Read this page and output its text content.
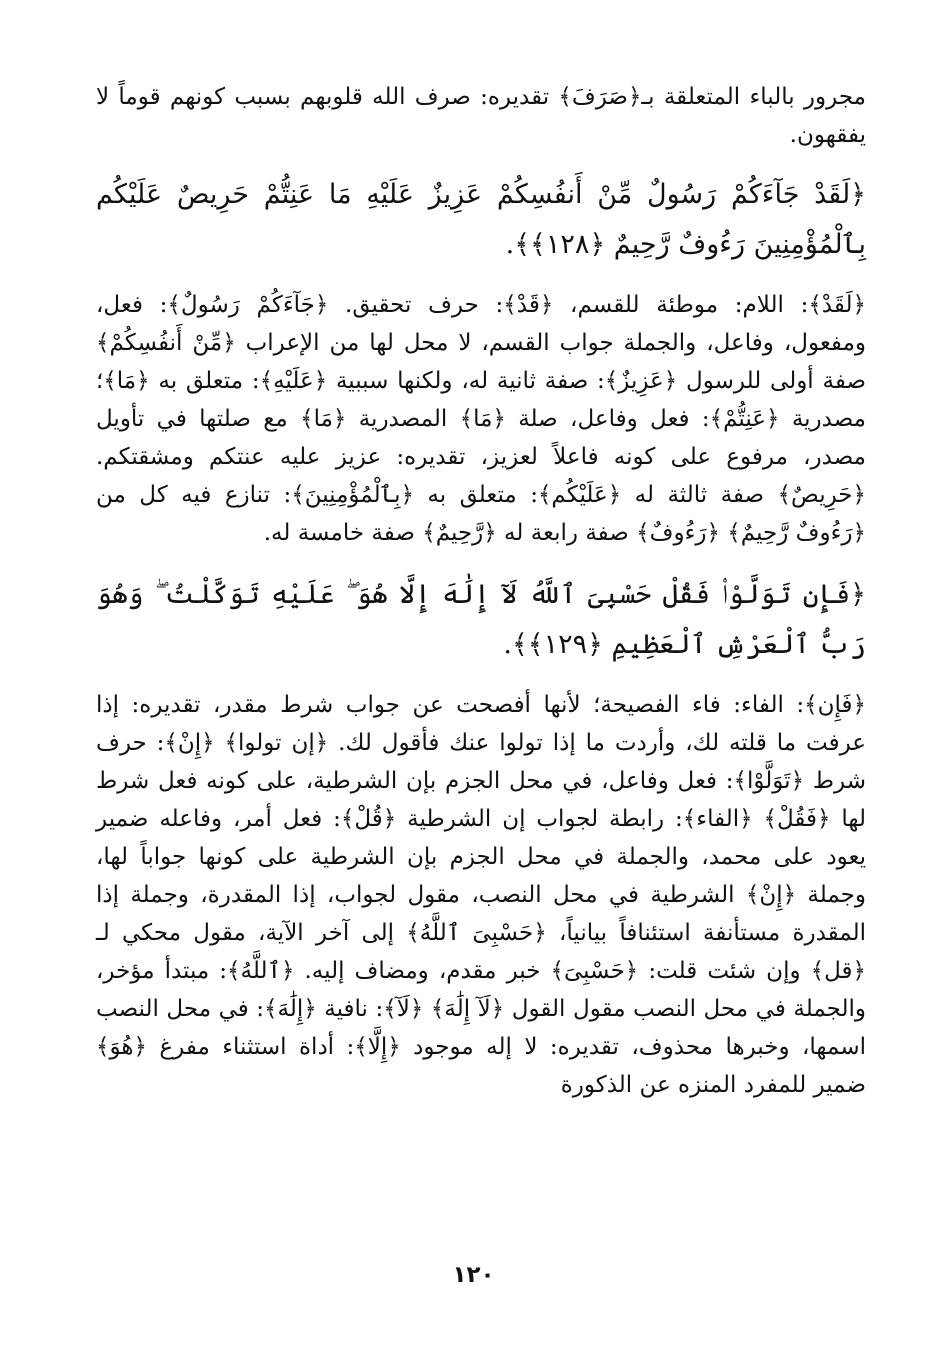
مجرور بالباء المتعلقة بـ﴿صَرَفَ﴾ تقديره: صرف الله قلوبهم بسبب كونهم قوماً لا يفقهون.

﴿لَقَدْ جَآءَكُمْ رَسُولٌ مِّنْ أَنفُسِكُمْ عَزِيزٌ عَلَيْهِ مَا عَنِتُّمْ حَرِيصٌ عَلَيْكُم بِٱلْمُؤْمِنِينَ رَءُوفٌ رَّحِيمٌ ﴿١٢٨﴾﴾.

﴿لَقَدْ﴾: اللام: موطئة للقسم، ﴿قَدْ﴾: حرف تحقيق. ﴿جَآءَكُمْ رَسُولٌ﴾: فعل، ومفعول، وفاعل، والجملة جواب القسم، لا محل لها من الإعراب ﴿مِّنْ أَنفُسِكُمْ﴾ صفة أولى للرسول ﴿عَزِيزٌ﴾: صفة ثانية له، ولكنها سببية ﴿عَلَيْهِ﴾: متعلق به ﴿مَا﴾؛ مصدرية ﴿عَنِتُّمْ﴾: فعل وفاعل، صلة ﴿مَا﴾ المصدرية ﴿مَا﴾ مع صلتها في تأويل مصدر، مرفوع على كونه فاعلاً لعزيز، تقديره: عزيز عليه عنتكم ومشقتكم. ﴿حَرِيصٌ﴾ صفة ثالثة له ﴿عَلَيْكُم﴾: متعلق به ﴿بِٱلْمُؤْمِنِينَ﴾: تنازع فيه كل من ﴿رَءُوفٌ رَّحِيمٌ﴾ ﴿رَءُوفٌ﴾ صفة رابعة له ﴿رَّحِيمٌ﴾ صفة خامسة له.

﴿فَإِن تَوَلَّوْا۟ فَقُلْ حَسْبِىَ ٱللَّهُ لَآ إِلَٰهَ إِلَّا هُوَ ۖ عَلَيْهِ تَوَكَّلْتُ ۖ وَهُوَ رَبُّ ٱلْعَرْشِ ٱلْعَظِيمِ ﴿١٢٩﴾﴾.

﴿فَإِن﴾: الفاء: فاء الفصيحة؛ لأنها أفصحت عن جواب شرط مقدر، تقديره: إذا عرفت ما قلته لك، وأردت ما إذا تولوا عنك فأقول لك. ﴿إن تولوا﴾ ﴿إِنْ﴾: حرف شرط ﴿تَوَلَّوْا﴾: فعل وفاعل، في محل الجزم بإن الشرطية، على كونه فعل شرط لها ﴿فَقُلْ﴾ ﴿الفاء﴾: رابطة لجواب إن الشرطية ﴿قُلْ﴾: فعل أمر، وفاعله ضمير يعود على محمد، والجملة في محل الجزم بإن الشرطية على كونها جواباً لها، وجملة ﴿إِنْ﴾ الشرطية في محل النصب، مقول لجواب، إذا المقدرة، وجملة إذا المقدرة مستأنفة استئنافاً بيانياً، ﴿حَسْبِىَ ٱللَّهُ﴾ إلى آخر الآية، مقول محكي لـ ﴿قل﴾ وإن شئت قلت: ﴿حَسْبِىَ﴾ خبر مقدم، ومضاف إليه. ﴿ٱللَّهُ﴾: مبتدأ مؤخر، والجملة في محل النصب مقول القول ﴿لَآ إِلَٰهَ﴾ ﴿لَآ﴾: نافية ﴿إِلَٰهَ﴾: في محل النصب اسمها، وخبرها محذوف، تقديره: لا إله موجود ﴿إِلَّا﴾: أداة استثناء مفرغ ﴿هُوَ﴾ ضمير للمفرد المنزه عن الذكورة

١٢٠
